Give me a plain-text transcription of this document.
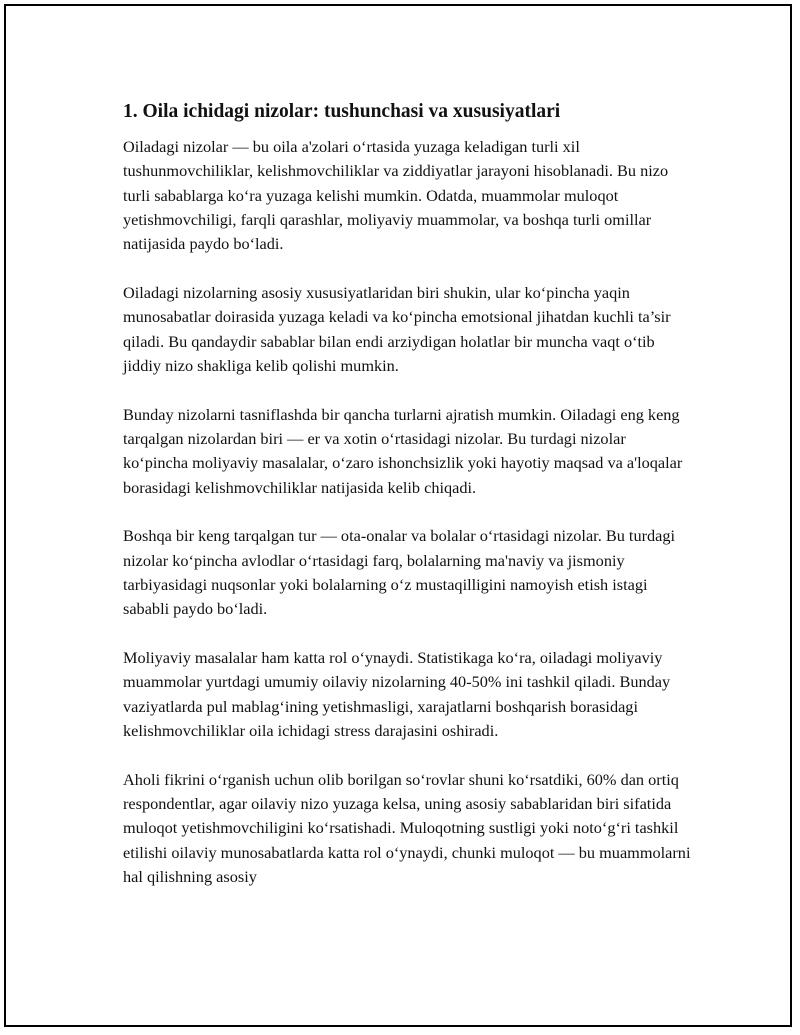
1. Oila ichidagi nizolar: tushunchasi va xususiyatlari

Oiladagi nizolar — bu oila a'zolari o‘rtasida yuzaga keladigan turli xil tushunmovchiliklar, kelishmovchiliklar va ziddiyatlar jarayoni hisoblanadi. Bu nizo turli sabablarga ko‘ra yuzaga kelishi mumkin. Odatda, muammolar muloqot yetishmovchiligi, farqli qarashlar, moliyaviy muammolar, va boshqa turli omillar natijasida paydo bo‘ladi.

Oiladagi nizolarning asosiy xususiyatlaridan biri shukin, ular ko‘pincha yaqin munosabatlar doirasida yuzaga keladi va ko‘pincha emotsional jihatdan kuchli ta’sir qiladi. Bu qandaydir sabablar bilan endi arziydigan holatlar bir muncha vaqt o‘tib jiddiy nizo shakliga kelib qolishi mumkin.

Bunday nizolarni tasniflashda bir qancha turlarni ajratish mumkin. Oiladagi eng keng tarqalgan nizolardan biri — er va xotin o‘rtasidagi nizolar. Bu turdagi nizolar ko‘pincha moliyaviy masalalar, o‘zaro ishonchsizlik yoki hayotiy maqsad va a'loqalar borasidagi kelishmovchiliklar natijasida kelib chiqadi.

Boshqa bir keng tarqalgan tur — ota-onalar va bolalar o‘rtasidagi nizolar. Bu turdagi nizolar ko‘pincha avlodlar o‘rtasidagi farq, bolalarning ma'naviy va jismoniy tarbiyasidagi nuqsonlar yoki bolalarning o‘z mustaqilligini namoyish etish istagi sababli paydo bo‘ladi.

Moliyaviy masalalar ham katta rol o‘ynaydi. Statistikaga ko‘ra, oiladagi moliyaviy muammolar yurtdagi umumiy oilaviy nizolarning 40-50% ini tashkil qiladi. Bunday vaziyatlarda pul mablag‘ining yetishmasligi, xarajatlarni boshqarish borasidagi kelishmovchiliklar oila ichidagi stress darajasini oshiradi.

Aholi fikrini o‘rganish uchun olib borilgan so‘rovlar shuni ko‘rsatdiki, 60% dan ortiq respondentlar, agar oilaviy nizo yuzaga kelsa, uning asosiy sabablaridan biri sifatida muloqot yetishmovchiligini ko‘rsatishadi. Muloqotning sustligi yoki noto‘g‘ri tashkil etilishi oilaviy munosabatlarda katta rol o‘ynaydi, chunki muloqot — bu muammolarni hal qilishning asosiy
